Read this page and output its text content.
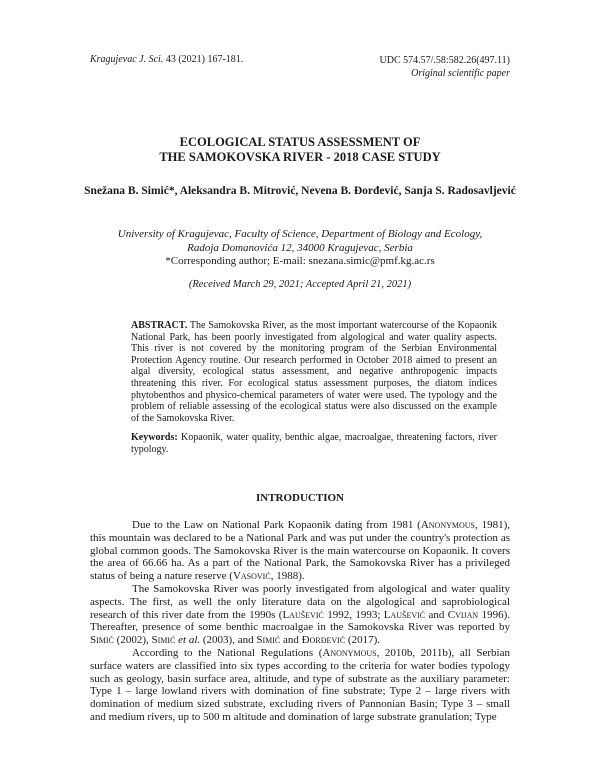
Kragujevac J. Sci. 43 (2021) 167-181.	UDC 574.57/.58:582.26(497.11)
Original scientific paper
ECOLOGICAL STATUS ASSESSMENT OF
THE SAMOKOVSKA RIVER - 2018 CASE STUDY
Snežana B. Simić*, Aleksandra B. Mitrović, Nevena B. Đorđević, Sanja S. Radosavljević
University of Kragujevac, Faculty of Science, Department of Biology and Ecology,
Radoja Domanovića 12, 34000 Kragujevac, Serbia
*Corresponding author; E-mail: snezana.simic@pmf.kg.ac.rs
(Received March 29, 2021; Accepted April 21, 2021)
ABSTRACT. The Samokovska River, as the most important watercourse of the Kopaonik National Park, has been poorly investigated from algological and water quality aspects. This river is not covered by the monitoring program of the Serbian Environmental Protection Agency routine. Our research performed in October 2018 aimed to present an algal diversity, ecological status assessment, and negative anthropogenic impacts threatening this river. For ecological status assessment purposes, the diatom indices phytobenthos and physico-chemical parameters of water were used. The typology and the problem of reliable assessing of the ecological status were also discussed on the example of the Samokovska River.
Keywords: Kopaonik, water quality, benthic algae, macroalgae, threatening factors, river typology.
INTRODUCTION

Due to the Law on National Park Kopaonik dating from 1981 (Anonymous, 1981), this mountain was declared to be a National Park and was put under the country's protection as global common goods. The Samokovska River is the main watercourse on Kopaonik. It covers the area of 66.66 ha. As a part of the National Park, the Samokovska River has a privileged status of being a nature reserve (Vasović, 1988).

The Samokovska River was poorly investigated from algological and water quality aspects. The first, as well the only literature data on the algological and saprobiological research of this river date from the 1990s (Laušević 1992, 1993; Laušević and Cvijan 1996). Thereafter, presence of some benthic macroalgae in the Samokovska River was reported by Simić (2002), Simić et al. (2003), and Simić and Đorđević (2017).

According to the National Regulations (Anonymous, 2010b, 2011b), all Serbian surface waters are classified into six types according to the criteria for water bodies typology such as geology, basin surface area, altitude, and type of substrate as the auxiliary parameter: Type 1 – large lowland rivers with domination of fine substrate; Type 2 – large rivers with domination of medium sized substrate, excluding rivers of Pannonian Basin; Type 3 – small and medium rivers, up to 500 m altitude and domination of large substrate granulation; Type
